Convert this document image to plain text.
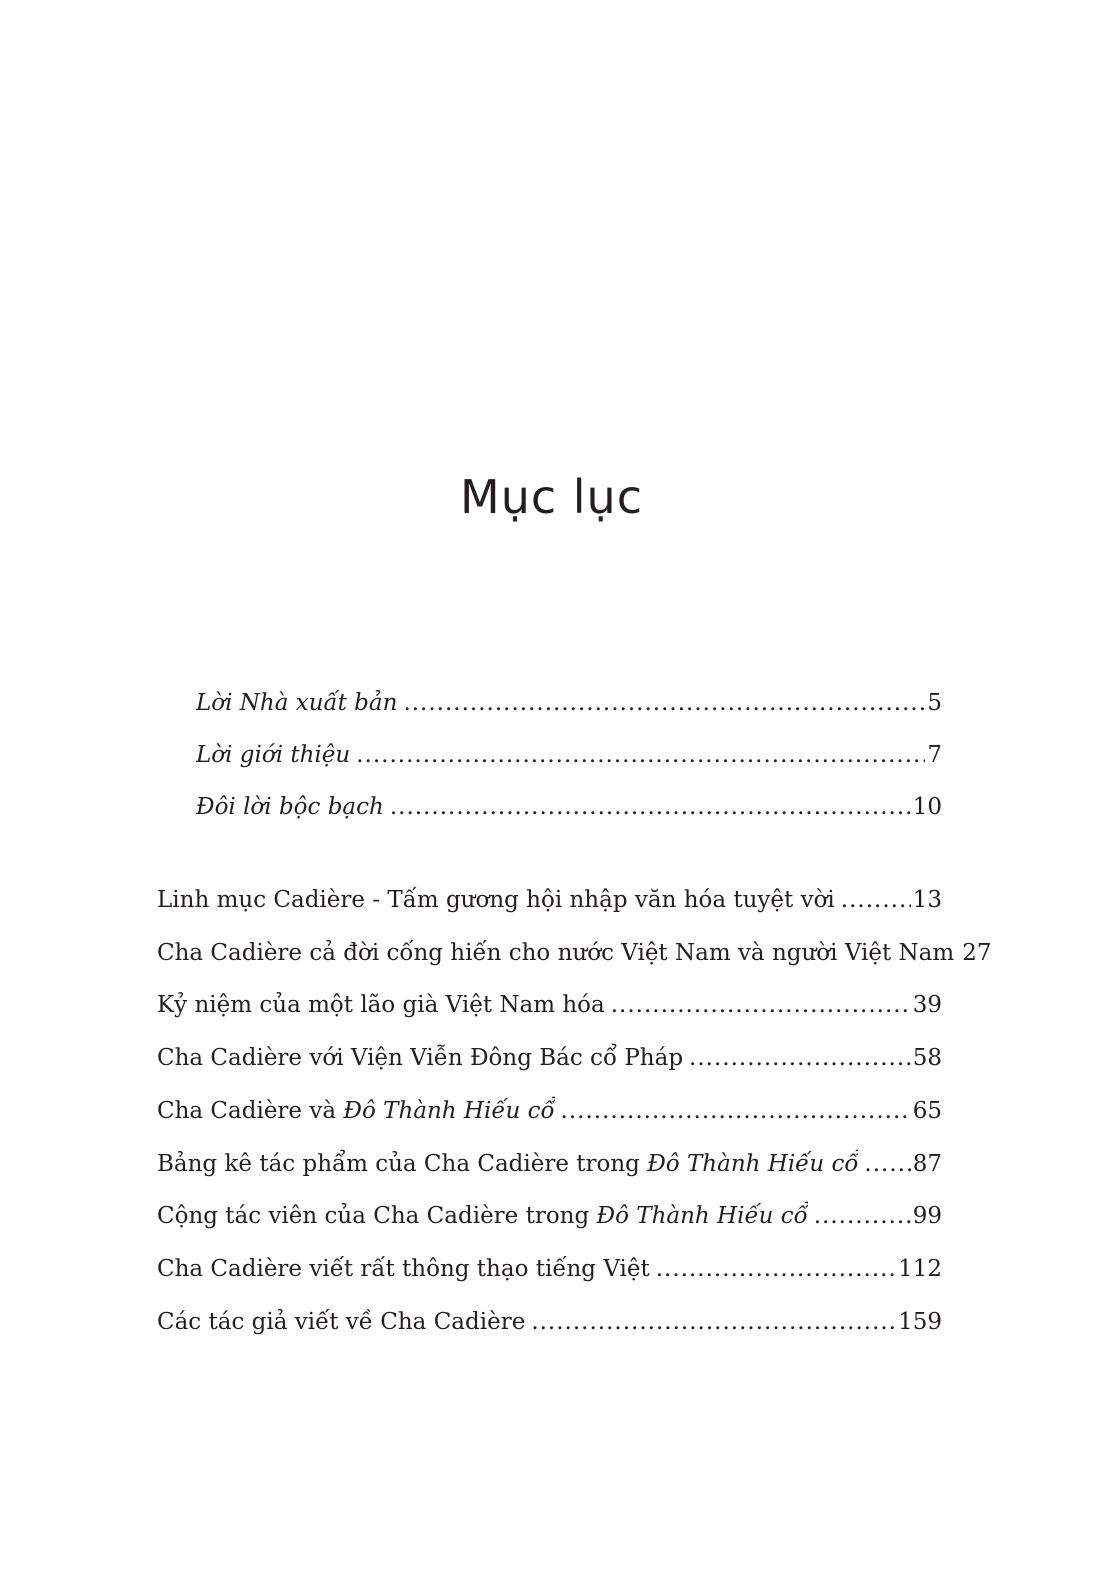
Mục lục
Lời Nhà xuất bản .....	5
Lời giới thiệu .....	7
Đôi lời bộc bạch .....	10
Linh mục Cadière - Tấm gương hội nhập văn hóa tuyệt vời .....	13
Cha Cadière cả đời cống hiến cho nước Việt Nam và người Việt Nam 27
Kỷ niệm của một lão già Việt Nam hóa .....	39
Cha Cadière với Viện Viễn Đông Bác cổ Pháp .....	58
Cha Cadière và Đô Thành Hiếu cổ .....	65
Bảng kê tác phẩm của Cha Cadière trong Đô Thành Hiếu cổ ..... 87
Cộng tác viên của Cha Cadière trong Đô Thành Hiếu cổ .....	99
Cha Cadière viết rất thông thạo tiếng Việt .....	112
Các tác giả viết về Cha Cadière .....	159
